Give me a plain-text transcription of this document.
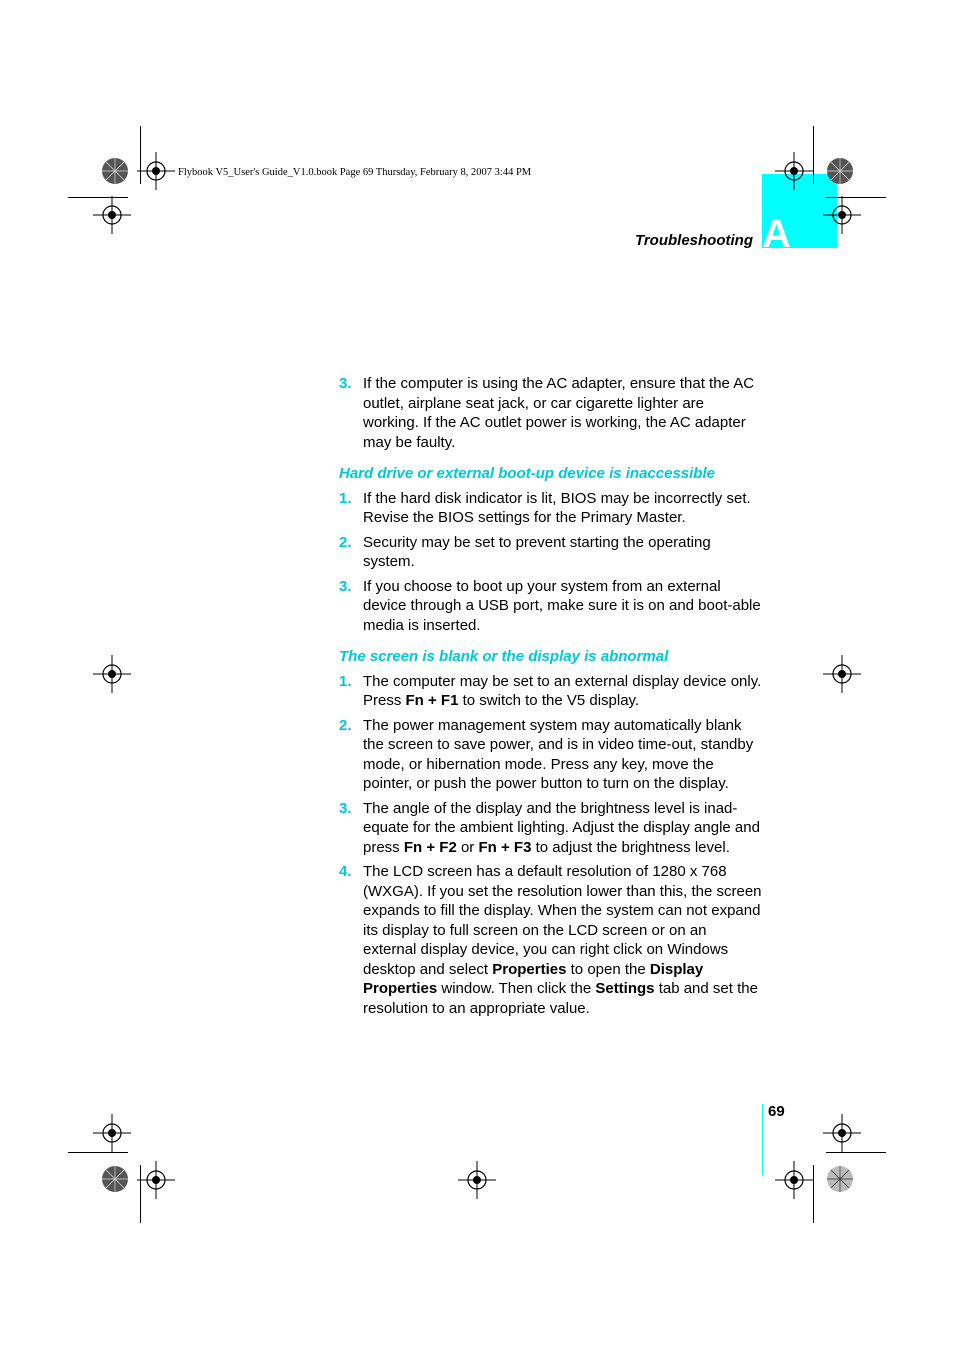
Flybook V5_User's Guide_V1.0.book Page 69 Thursday, February 8, 2007 3:44 PM
A
Troubleshooting
3. If the computer is using the AC adapter, ensure that the AC outlet, airplane seat jack, or car cigarette lighter are working. If the AC outlet power is working, the AC adapter may be faulty.
Hard drive or external boot-up device is inaccessible
1. If the hard disk indicator is lit, BIOS may be incorrectly set. Revise the BIOS settings for the Primary Master.
2. Security may be set to prevent starting the operating system.
3. If you choose to boot up your system from an external device through a USB port, make sure it is on and boot-able media is inserted.
The screen is blank or the display is abnormal
1. The computer may be set to an external display device only. Press Fn + F1 to switch to the V5 display.
2. The power management system may automatically blank the screen to save power, and is in video time-out, standby mode, or hibernation mode. Press any key, move the pointer, or push the power button to turn on the display.
3. The angle of the display and the brightness level is inad-equate for the ambient lighting. Adjust the display angle and press Fn + F2 or Fn + F3 to adjust the brightness level.
4. The LCD screen has a default resolution of 1280 x 768 (WXGA). If you set the resolution lower than this, the screen expands to fill the display. When the system can not expand its display to full screen on the LCD screen or on an external display device, you can right click on Windows desktop and select Properties to open the Display Properties window. Then click the Settings tab and set the resolution to an appropriate value.
69
